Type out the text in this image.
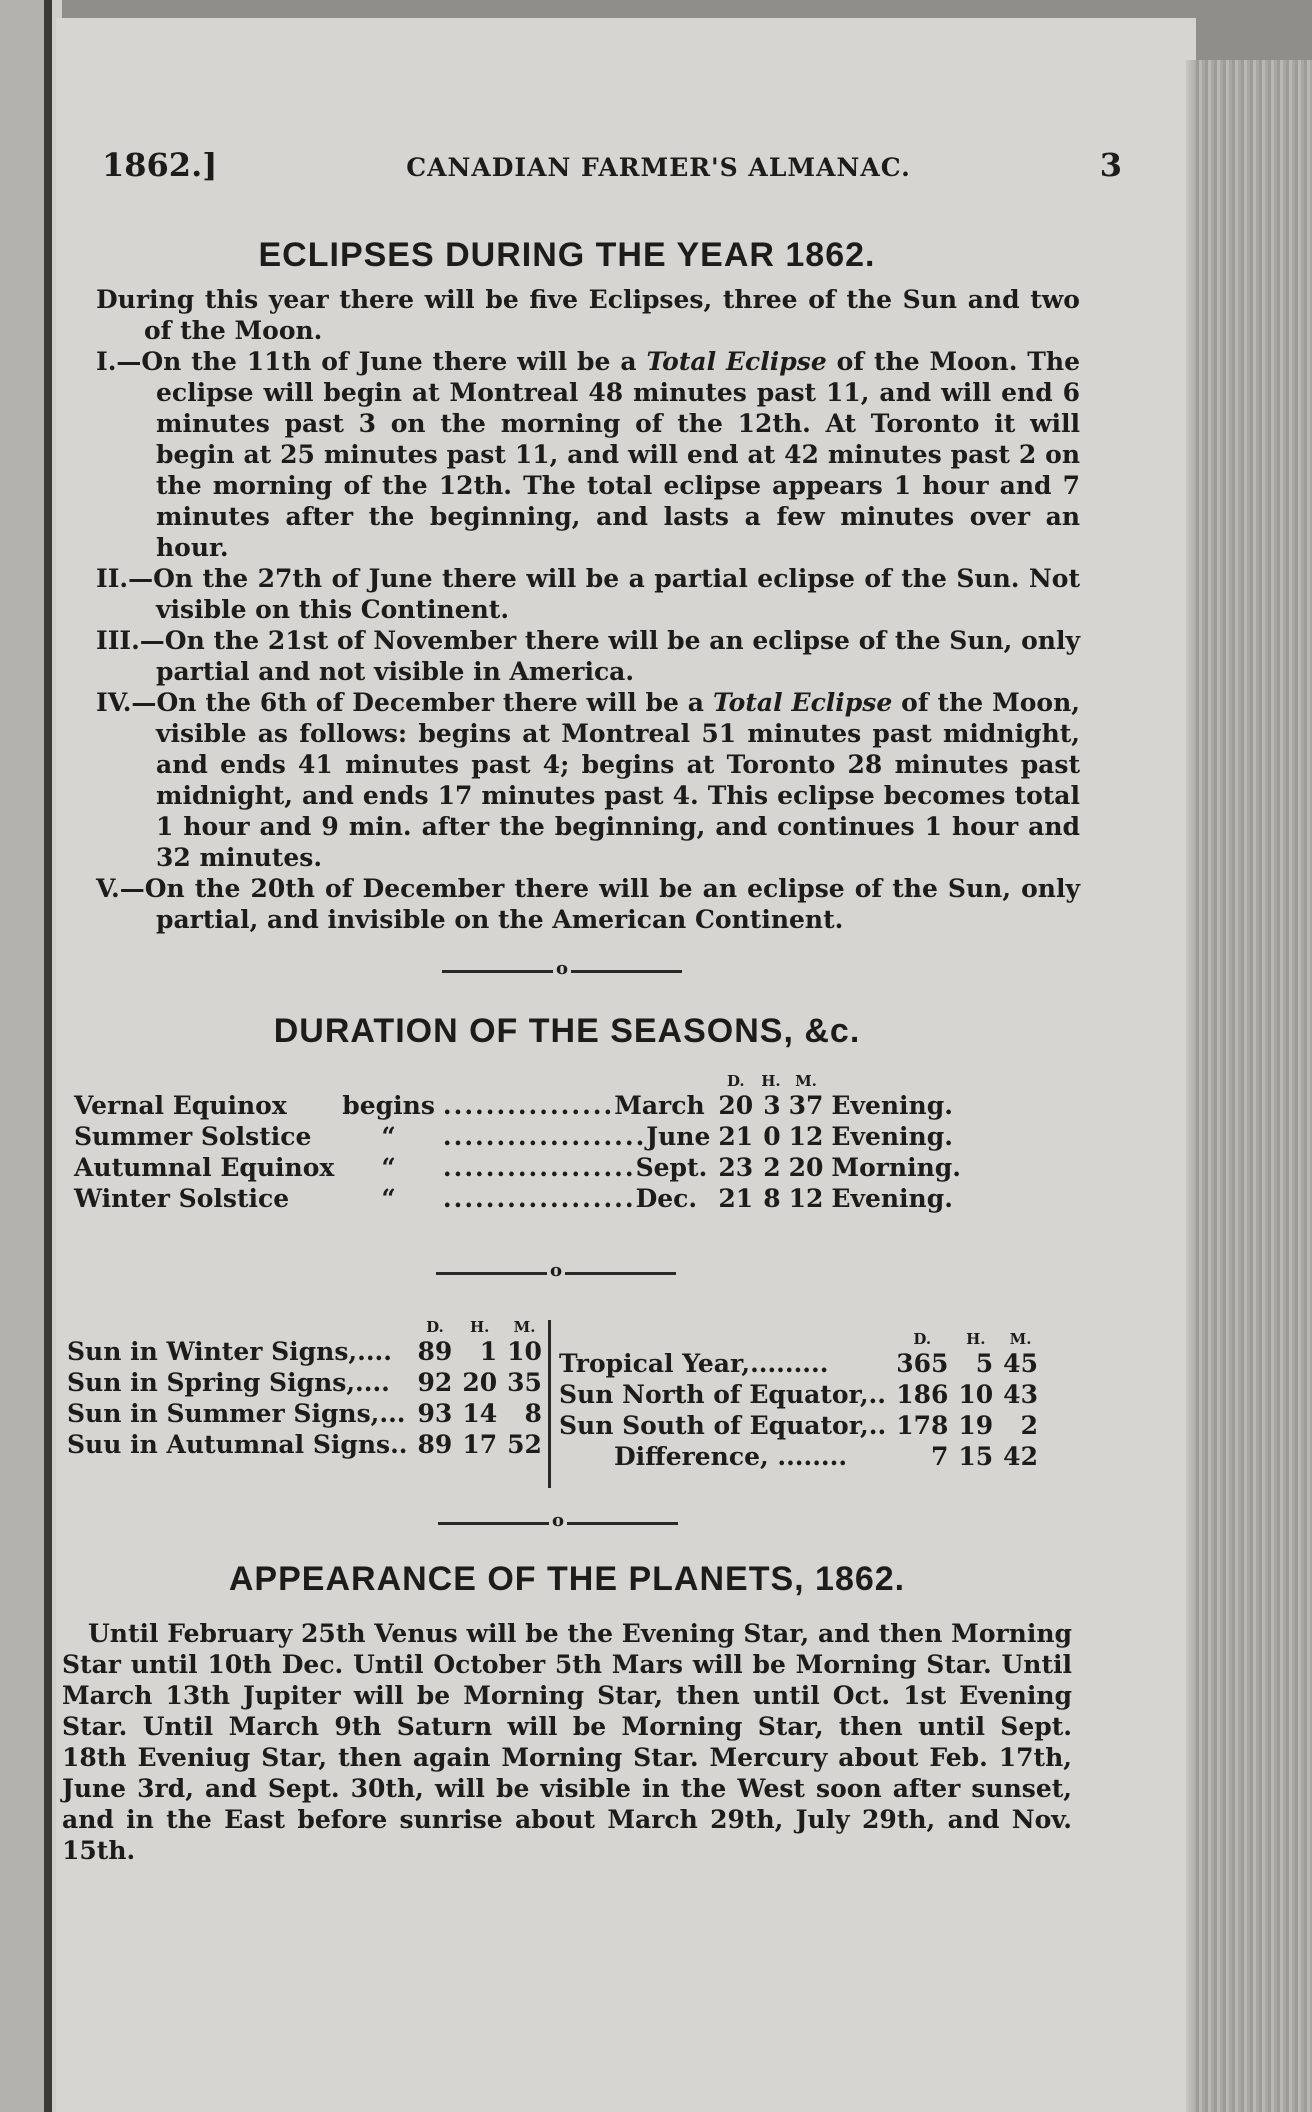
1862.]	CANADIAN FARMER'S ALMANAC.	3
ECLIPSES DURING THE YEAR 1862.

During this year there will be five Eclipses, three of the Sun and two of the Moon.

I.—On the 11th of June there will be a Total Eclipse of the Moon. The eclipse will begin at Montreal 48 minutes past 11, and will end 6 minutes past 3 on the morning of the 12th. At Toronto it will begin at 25 minutes past 11, and will end at 42 minutes past 2 on the morning of the 12th. The total eclipse appears 1 hour and 7 minutes after the beginning, and lasts a few minutes over an hour.

II.—On the 27th of June there will be a partial eclipse of the Sun. Not visible on this Continent.

III.—On the 21st of November there will be an eclipse of the Sun, only partial and not visible in America.

IV.—On the 6th of December there will be a Total Eclipse of the Moon, visible as follows: begins at Montreal 51 minutes past midnight, and ends 41 minutes past 4; begins at Toronto 28 minutes past midnight, and ends 17 minutes past 4. This eclipse becomes total 1 hour and 9 min. after the beginning, and continues 1 hour and 32 minutes.

V.—On the 20th of December there will be an eclipse of the Sun, only partial, and invisible on the American Continent.

o
DURATION OF THE SEASONS, &c.
			D.	H.	M.	
Vernal Equinox	begins	................March	20	3	37	Evening.
Summer Solstice	“	...................June	21	0	12	Evening.
Autumnal Equinox	“	..................Sept.	23	2	20	Morning.
Winter Solstice	“	..................Dec.	21	8	12	Evening.
o
	D.	H.	M.
Sun in Winter Signs,....	89	1	10
Sun in Spring Signs,....	92	20	35
Sun in Summer Signs,...	93	14	8
Suu in Autumnal Signs..	89	17	52
	D.	H.	M.
Tropical Year,.........	365	5	45
Sun North of Equator,..	186	10	43
Sun South of Equator,..	178	19	2
Difference, ........	7	15	42
o
APPEARANCE OF THE PLANETS, 1862.

Until February 25th Venus will be the Evening Star, and then Morning Star until 10th Dec. Until October 5th Mars will be Morning Star. Until March 13th Jupiter will be Morning Star, then until Oct. 1st Evening Star. Until March 9th Saturn will be Morning Star, then until Sept. 18th Eveniug Star, then again Morning Star. Mercury about Feb. 17th, June 3rd, and Sept. 30th, will be visible in the West soon after sunset, and in the East before sunrise about March 29th, July 29th, and Nov. 15th.
